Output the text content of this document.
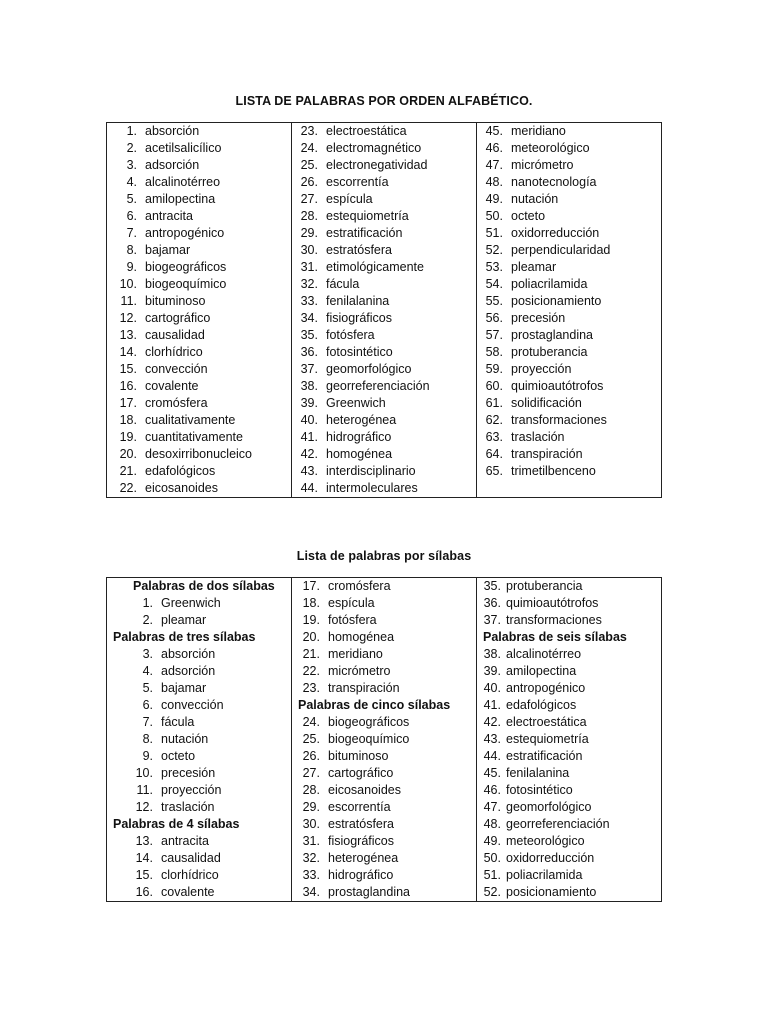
LISTA DE PALABRAS POR ORDEN ALFABÉTICO.
1. absorción	23. electroestática	45. meridiano
2. acetilsalicílico	24. electromagnético	46. meteorológico
3. adsorción	25. electronegatividad	47. micrómetro
4. alcalinotérreo	26. escorrentía	48. nanotecnología
5. amilopectina	27. espícula	49. nutación
6. antracita	28. estequiometría	50. octeto
7. antropogénico	29. estratificación	51. oxidorreducción
8. bajamar	30. estratósfera	52. perpendicularidad
9. biogeográficos	31. etimológicamente	53. pleamar
10. biogeoquímico	32. fácula	54. poliacrilamida
11. bituminoso	33. fenilalanina	55. posicionamiento
12. cartográfico	34. fisiográficos	56. precesión
13. causalidad	35. fotósfera	57. prostaglandina
14. clorhídrico	36. fotosintético	58. protuberancia
15. convección	37. geomorfológico	59. proyección
16. covalente	38. georreferenciación	60. quimioautótrofos
17. cromósfera	39. Greenwich	61. solidificación
18. cualitativamente	40. heterogénea	62. transformaciones
19. cuantitativamente	41. hidrográfico	63. traslación
20. desoxirribonucleico	42. homogénea	64. transpiración
21. edafológicos	43. interdisciplinario	65. trimetilbenceno
22. eicosanoides	44. intermoleculares	
Lista de palabras por sílabas
Palabras de dos sílabas	17. cromósfera	35. protuberancia
1. Greenwich	18. espícula	36. quimioautótrofos
2. pleamar	19. fotósfera	37. transformaciones
Palabras de tres sílabas	20. homogénea	Palabras de seis sílabas
3. absorción	21. meridiano	38. alcalinotérreo
4. adsorción	22. micrómetro	39. amilopectina
5. bajamar	23. transpiración	40. antropogénico
6. convección	Palabras de cinco sílabas	41. edafológicos
7. fácula	24. biogeográficos	42. electroestática
8. nutación	25. biogeoquímico	43. estequiometría
9. octeto	26. bituminoso	44. estratificación
10. precesión	27. cartográfico	45. fenilalanina
11. proyección	28. eicosanoides	46. fotosintético
12. traslación	29. escorrentía	47. geomorfológico
Palabras de 4 sílabas	30. estratósfera	48. georreferenciación
13. antracita	31. fisiográficos	49. meteorológico
14. causalidad	32. heterogénea	50. oxidorreducción
15. clorhídrico	33. hidrográfico	51. poliacrilamida
16. covalente	34. prostaglandina	52. posicionamiento
